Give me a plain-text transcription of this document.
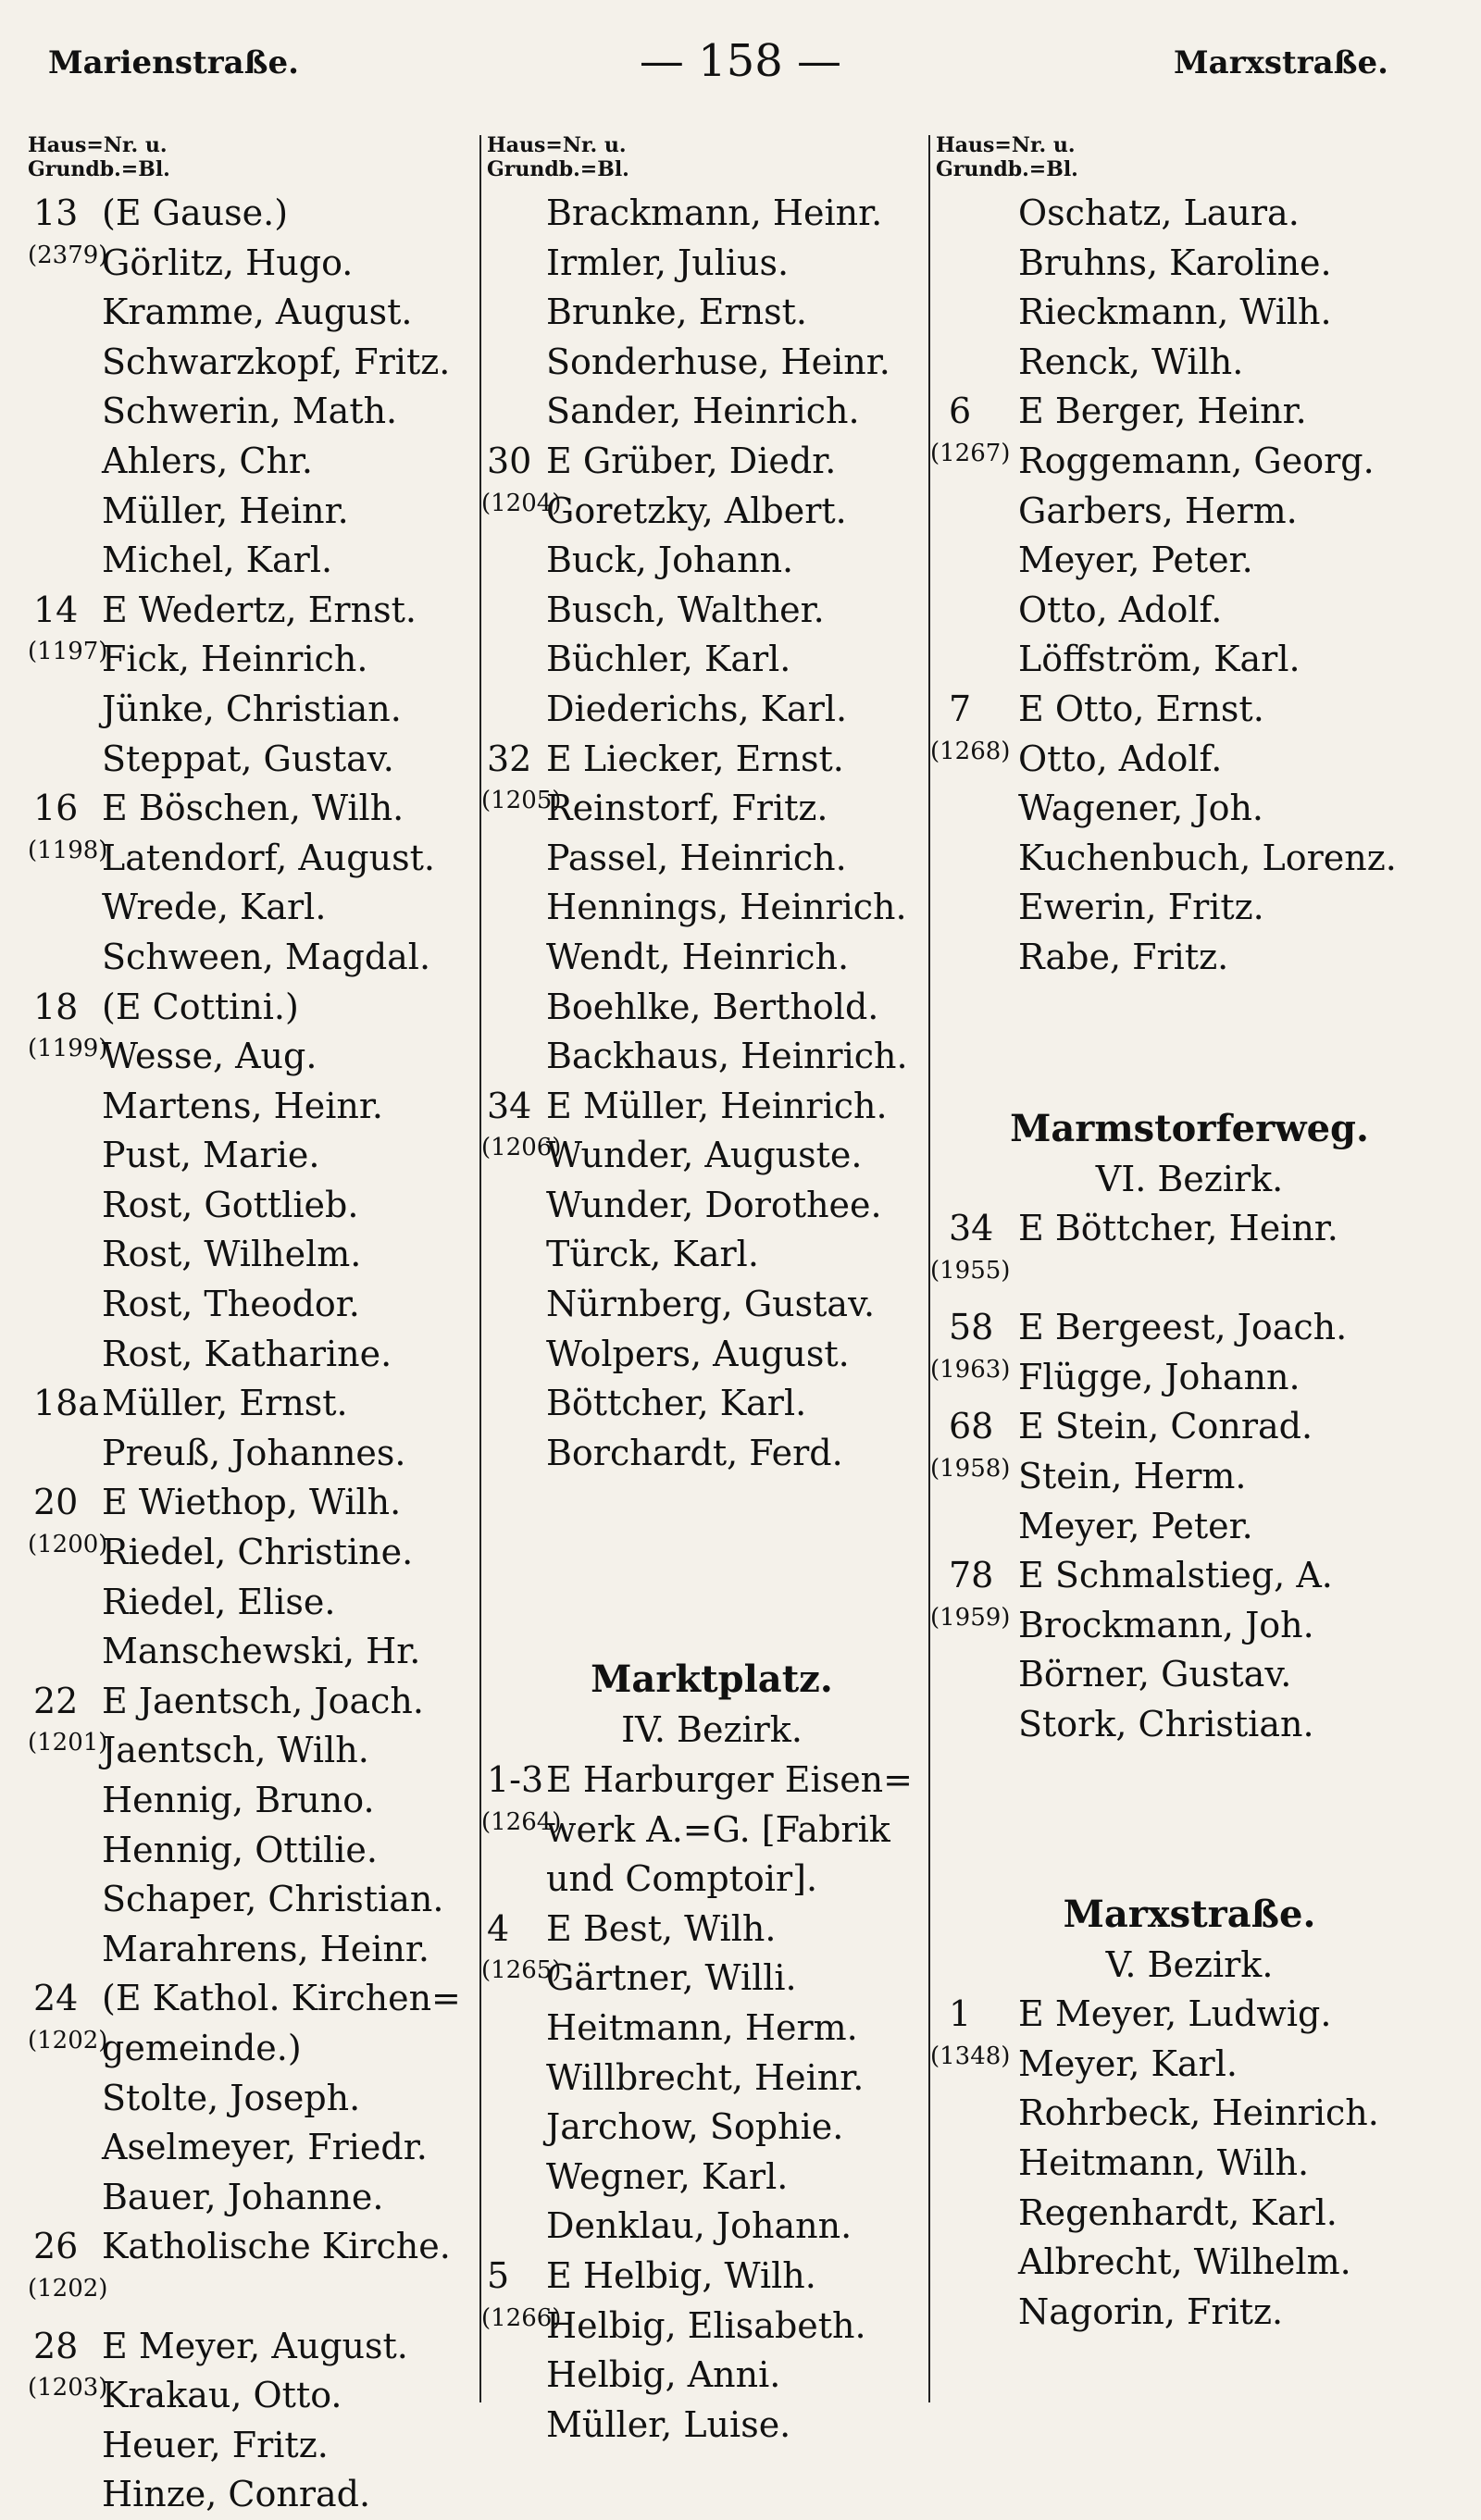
Marienstraße.	— 158 —	Marxstraße.
Haus=Nr. u.
Grundb.=Bl.
13 (E Gause.)
(2379)
Görlitz, Hugo.
Kramme, August.
Schwarzkopf, Fritz.
Schwerin, Math.
Ahlers, Chr.
Müller, Heinr.
Michel, Karl.
14 E Wedertz, Ernst.
(1197)
Fick, Heinrich.
Jünke, Christian.
Steppat, Gustav.
16 E Böschen, Wilh.
(1198)
Latendorf, August.
Wrede, Karl.
Schween, Magdal.
18 (E Cottini.)
(1199)
Wesse, Aug.
Martens, Heinr.
Pust, Marie.
Rost, Gottlieb.
Rost, Wilhelm.
Rost, Theodor.
Rost, Katharine.
18a Müller, Ernst.
Preuß, Johannes.
20 E Wiethop, Wilh.
(1200)
Riedel, Christine.
Riedel, Elise.
Manschewski, Hr.
22 E Jaentsch, Joach.
(1201)
Jaentsch, Wilh.
Hennig, Bruno.
Hennig, Ottilie.
Schaper, Christian.
Marahrens, Heinr.
24 (E Kathol. Kirchen=
(1202)
gemeinde.)
Stolte, Joseph.
Aselmeyer, Friedr.
Bauer, Johanne.
26 Katholische Kirche.
(1202)
28 E Meyer, August.
(1203)
Krakau, Otto.
Heuer, Fritz.
Hinze, Conrad.
Haus=Nr. u.
Grundb.=Bl.
Brackmann, Heinr.
Irmler, Julius.
Brunke, Ernst.
Sonderhuse, Heinr.
Sander, Heinrich.
30 E Grüber, Diedr.
(1204)
Goretzky, Albert.
Buck, Johann.
Busch, Walther.
Büchler, Karl.
Diederichs, Karl.
32 E Liecker, Ernst.
(1205)
Reinstorf, Fritz.
Passel, Heinrich.
Hennings, Heinrich.
Wendt, Heinrich.
Boehlke, Berthold.
Backhaus, Heinrich.
34 E Müller, Heinrich.
(1206)
Wunder, Auguste.
Wunder, Dorothee.
Türck, Karl.
Nürnberg, Gustav.
Wolpers, August.
Böttcher, Karl.
Borchardt, Ferd.
Marktplatz.
IV. Bezirk.
1-3 E Harburger Eisen=
(1264)
werk A.=G. [Fabrik
und Comptoir].
4 E Best, Wilh.
(1265)
Gärtner, Willi.
Heitmann, Herm.
Willbrecht, Heinr.
Jarchow, Sophie.
Wegner, Karl.
Denklau, Johann.
5 E Helbig, Wilh.
(1266)
Helbig, Elisabeth.
Helbig, Anni.
Müller, Luise.
Haus=Nr. u.
Grundb.=Bl.
Oschatz, Laura.
Bruhns, Karoline.
Rieckmann, Wilh.
Renck, Wilh.
6 E Berger, Heinr.
(1267) Roggemann, Georg.
Garbers, Herm.
Meyer, Peter.
Otto, Adolf.
Löffström, Karl.
7 E Otto, Ernst.
(1268) Otto, Adolf.
Wagener, Joh.
Kuchenbuch, Lorenz.
Ewerin, Fritz.
Rabe, Fritz.
Marmstorferweg.
VI. Bezirk.
34 E Böttcher, Heinr.
(1955)
58 E Bergeest, Joach.
(1963) Flügge, Johann.
68 E Stein, Conrad.
(1958) Stein, Herm.
Meyer, Peter.
78 E Schmalstieg, A.
(1959) Brockmann, Joh.
Börner, Gustav.
Stork, Christian.
Marxstraße.
V. Bezirk.
1 E Meyer, Ludwig.
(1348) Meyer, Karl.
Rohrbeck, Heinrich.
Heitmann, Wilh.
Regenhardt, Karl.
Albrecht, Wilhelm.
Nagorin, Fritz.
